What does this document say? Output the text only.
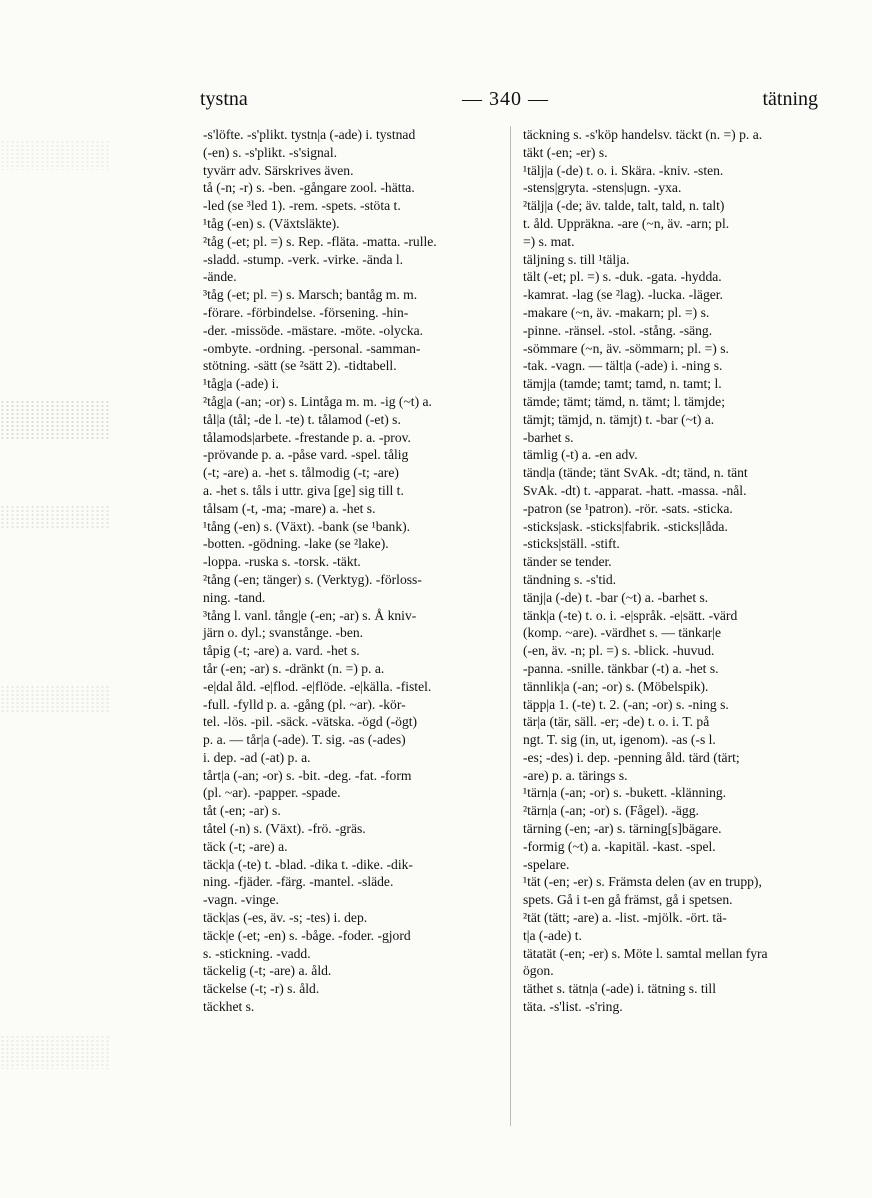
tystna	— 340 —	tätning

-s'löfte. -s'plikt. tystn|a (-ade) i. tystnad

(-en) s. -s'plikt. -s'signal.

tyvärr adv. Särskrives även.

tå (-n; -r) s. -ben. -gångare zool. -hätta.

-led (se ³led 1). -rem. -spets. -stöta t.

¹tåg (-en) s. (Växtsläkte).

²tåg (-et; pl. =) s. Rep. -fläta. -matta. -rulle.

-sladd. -stump. -verk. -virke. -ända l.

-ände.

³tåg (-et; pl. =) s. Marsch; bantåg m. m.

-förare. -förbindelse. -försening. -hin-

-der. -missöde. -mästare. -möte. -olycka.

-ombyte. -ordning. -personal. -samman-

stötning. -sätt (se ²sätt 2). -tidtabell.

¹tåg|a (-ade) i.

²tåg|a (-an; -or) s. Lintåga m. m. -ig (~t) a.

tål|a (tål; -de l. -te) t. tålamod (-et) s.

tålamods|arbete. -frestande p. a. -prov.

-prövande p. a. -påse vard. -spel. tålig

(-t; -are) a. -het s. tålmodig (-t; -are)

a. -het s. tåls i uttr. giva [ge] sig till t.

tålsam (-t, -ma; -mare) a. -het s.

¹tång (-en) s. (Växt). -bank (se ¹bank).

-botten. -gödning. -lake (se ²lake).

-loppa. -ruska s. -torsk. -täkt.

²tång (-en; tänger) s. (Verktyg). -förloss-

ning. -tand.

³tång l. vanl. tång|e (-en; -ar) s. Å kniv-

järn o. dyl.; svanstånge. -ben.

tåpig (-t; -are) a. vard. -het s.

tår (-en; -ar) s. -dränkt (n. =) p. a.

-e|dal åld. -e|flod. -e|flöde. -e|källa. -fistel.

-full. -fylld p. a. -gång (pl. ~ar). -kör-

tel. -lös. -pil. -säck. -vätska. -ögd (-ögt)

p. a. — tår|a (-ade). T. sig. -as (-ades)

i. dep. -ad (-at) p. a.

tårt|a (-an; -or) s. -bit. -deg. -fat. -form

(pl. ~ar). -papper. -spade.

tåt (-en; -ar) s.

tåtel (-n) s. (Växt). -frö. -gräs.

täck (-t; -are) a.

täck|a (-te) t. -blad. -dika t. -dike. -dik-

ning. -fjäder. -färg. -mantel. -släde.

-vagn. -vinge.

täck|as (-es, äv. -s; -tes) i. dep.

täck|e (-et; -en) s. -båge. -foder. -gjord

s. -stickning. -vadd.

täckelig (-t; -are) a. åld.

täckelse (-t; -r) s. åld.

täckhet s.

täckning s. -s'köp handelsv. täckt (n. =) p. a.

täkt (-en; -er) s.

¹tälj|a (-de) t. o. i. Skära. -kniv. -sten.

-stens|gryta. -stens|ugn. -yxa.

²tälj|a (-de; äv. talde, talt, tald, n. talt)

t. åld. Uppräkna. -are (~n, äv. -arn; pl.

=) s. mat.

täljning s. till ¹tälja.

tält (-et; pl. =) s. -duk. -gata. -hydda.

-kamrat. -lag (se ²lag). -lucka. -läger.

-makare (~n, äv. -makarn; pl. =) s.

-pinne. -ränsel. -stol. -stång. -säng.

-sömmare (~n, äv. -sömmarn; pl. =) s.

-tak. -vagn. — tält|a (-ade) i. -ning s.

tämj|a (tamde; tamt; tamd, n. tamt; l.

tämde; tämt; tämd, n. tämt; l. tämjde;

tämjt; tämjd, n. tämjt) t. -bar (~t) a.

-barhet s.

tämlig (-t) a. -en adv.

tänd|a (tände; tänt SvAk. -dt; tänd, n. tänt

SvAk. -dt) t. -apparat. -hatt. -massa. -nål.

-patron (se ¹patron). -rör. -sats. -sticka.

-sticks|ask. -sticks|fabrik. -sticks|låda.

-sticks|ställ. -stift.

tänder se tender.

tändning s. -s'tid.

tänj|a (-de) t. -bar (~t) a. -barhet s.

tänk|a (-te) t. o. i. -e|språk. -e|sätt. -värd

(komp. ~are). -värdhet s. — tänkar|e

(-en, äv. -n; pl. =) s. -blick. -huvud.

-panna. -snille. tänkbar (-t) a. -het s.

tännlik|a (-an; -or) s. (Möbelspik).

täpp|a 1. (-te) t. 2. (-an; -or) s. -ning s.

tär|a (tär, säll. -er; -de) t. o. i. T. på

ngt. T. sig (in, ut, igenom). -as (-s l.

-es; -des) i. dep. -penning åld. tärd (tärt;

-are) p. a. tärings s.

¹tärn|a (-an; -or) s. -bukett. -klänning.

²tärn|a (-an; -or) s. (Fågel). -ägg.

tärning (-en; -ar) s. tärning[s]bägare.

-formig (~t) a. -kapitäl. -kast. -spel.

-spelare.

¹tät (-en; -er) s. Främsta delen (av en trupp),

spets. Gå i t-en gå främst, gå i spetsen.

²tät (tätt; -are) a. -list. -mjölk. -ört. tä-

t|a (-ade) t.

tätatät (-en; -er) s. Möte l. samtal mellan fyra

ögon.

täthet s. tätn|a (-ade) i. tätning s. till

täta. -s'list. -s'ring.
